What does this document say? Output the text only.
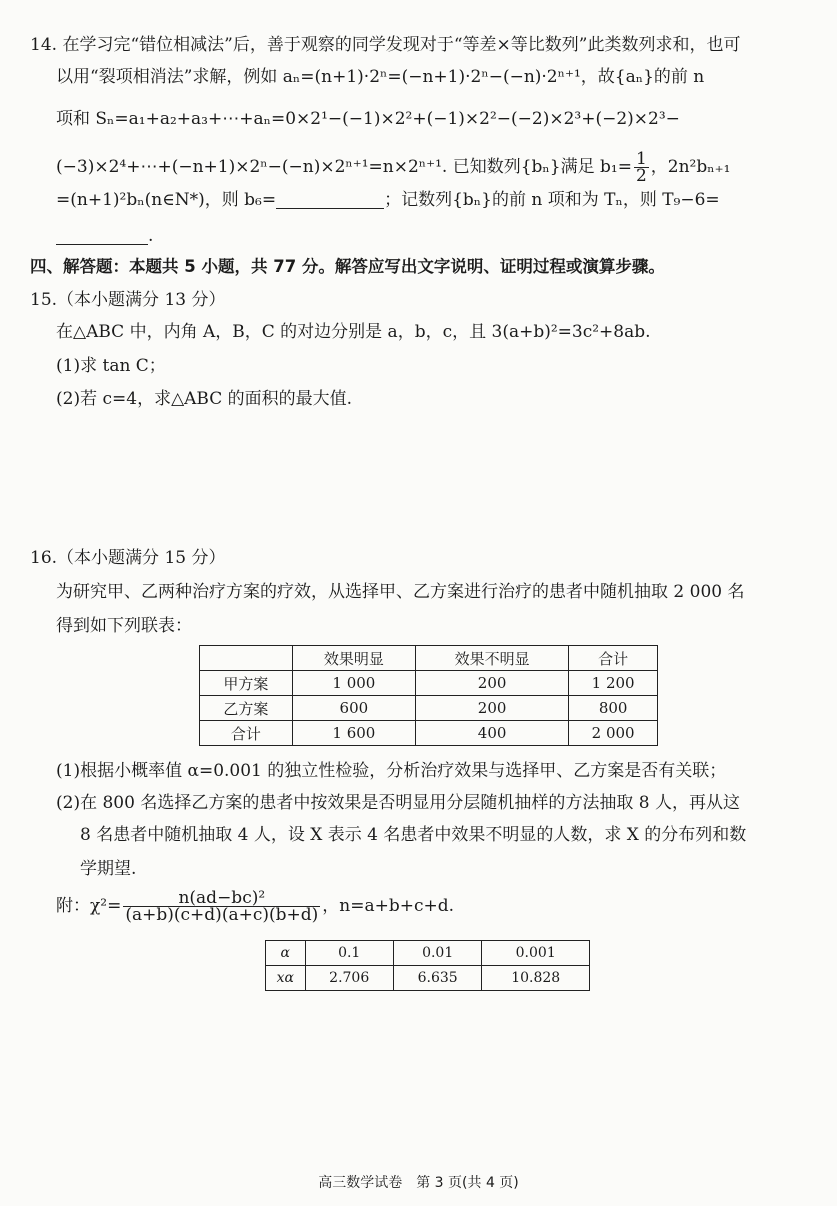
14. 在学习完“错位相减法”后，善于观察的同学发现对于“等差×等比数列”此类数列求和，也可
以用“裂项相消法”求解，例如 aₙ=(n+1)·2ⁿ=(−n+1)·2ⁿ−(−n)·2ⁿ⁺¹，故{aₙ}的前 n
项和 Sₙ=a₁+a₂+a₃+⋯+aₙ=0×2¹−(−1)×2²+(−1)×2²−(−2)×2³+(−2)×2³−
(−3)×2⁴+⋯+(−n+1)×2ⁿ−(−n)×2ⁿ⁺¹=n×2ⁿ⁺¹. 已知数列{bₙ}满足 $b_1= \frac{1}{2}$ ，2n²bₙ₊₁
=(n+1)²bₙ(n∈N*)，则 b₆=	；记数列{bₙ}的前 n 项和为 Tₙ，则 T₉−6=
.
四、解答题：本题共 5 小题，共 77 分。解答应写出文字说明、证明过程或演算步骤。
15.（本小题满分 13 分）
在△ABC 中，内角 A，B，C 的对边分别是 a，b，c，且 3(a+b)²=3c²+8ab.
(1)求 tan C；
(2)若 c=4，求△ABC 的面积的最大值.
16.（本小题满分 15 分）
为研究甲、乙两种治疗方案的疗效，从选择甲、乙方案进行治疗的患者中随机抽取 2 000 名
得到如下列联表：
	效果明显	效果不明显	合计
甲方案	1 000	200	1 200
乙方案	600	200	800
合计	1 600	400	2 000
(1)根据小概率值 α=0.001 的独立性检验，分析治疗效果与选择甲、乙方案是否有关联；
(2)在 800 名选择乙方案的患者中按效果是否明显用分层随机抽样的方法抽取 8 人，再从这
8 名患者中随机抽取 4 人，设 X 表示 4 名患者中效果不明显的人数，求 X 的分布列和数
学期望.
附：$\chi^2= \frac{\text{n(ad−bc)²}}{(a+b)(c+d)(a+c)(b+d)}$ ，n=a+b+c+d.
α	0.1	0.01	0.001
xα	2.706	6.635	10.828
高三数学试卷　第 3 页(共 4 页)
